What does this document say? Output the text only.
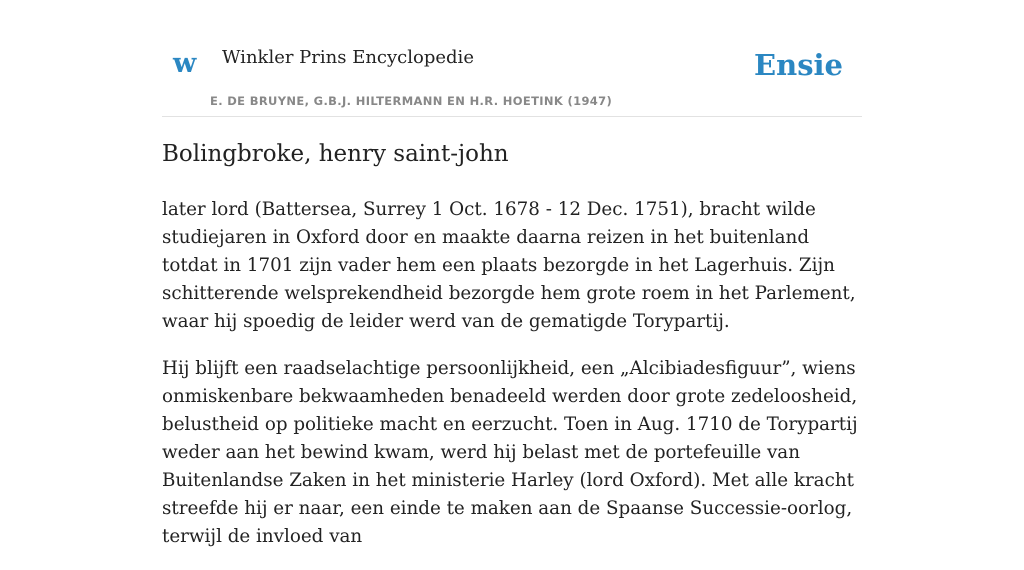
w Winkler Prins Encyclopedie
E. DE BRUYNE, G.B.J. HILTERMANN EN H.R. HOETINK (1947)
Ensie
Bolingbroke, henry saint-john

later lord (Battersea, Surrey 1 Oct. 1678 - 12 Dec. 1751), bracht wilde studiejaren in Oxford door en maakte daarna reizen in het buitenland totdat in 1701 zijn vader hem een plaats bezorgde in het Lagerhuis. Zijn schitterende welsprekendheid bezorgde hem grote roem in het Parlement, waar hij spoedig de leider werd van de gematigde Torypartij.

Hij blijft een raadselachtige persoonlijkheid, een „Alcibiadesfiguur”, wiens onmiskenbare bekwaamheden benadeeld werden door grote zedeloosheid, belustheid op politieke macht en eerzucht. Toen in Aug. 1710 de Torypartij weder aan het bewind kwam, werd hij belast met de portefeuille van Buitenlandse Zaken in het ministerie Harley (lord Oxford). Met alle kracht streefde hij er naar, een einde te maken aan de Spaanse Successie-oorlog, terwijl de invloed van
